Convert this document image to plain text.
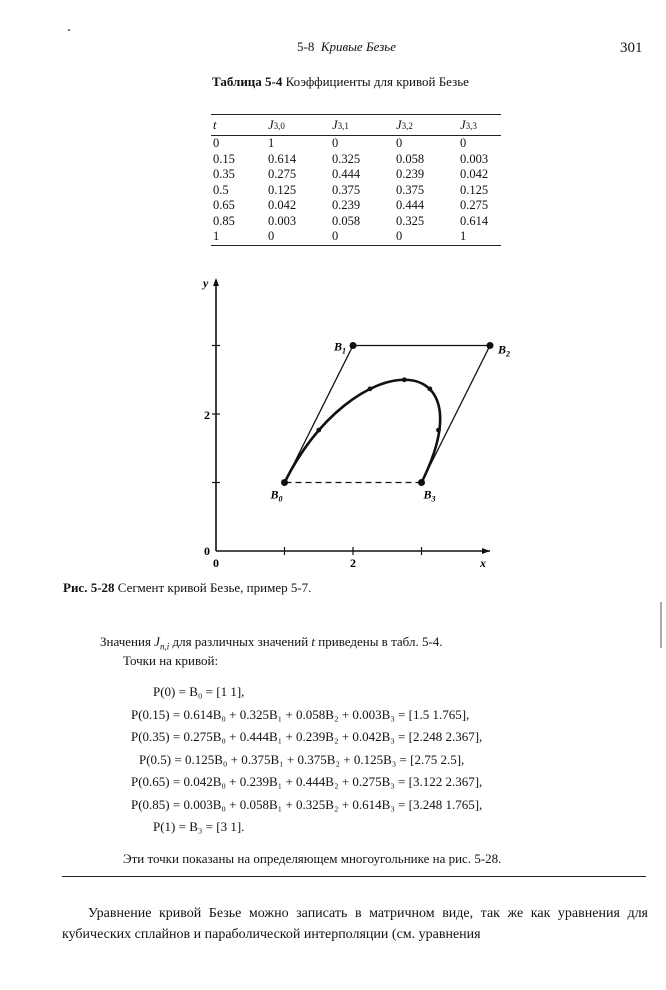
5-8 Кривые Безье	301
Таблица 5-4 Коэффициенты для кривой Безье
t	J3,0	J3,1	J3,2	J3,3
0	1	0	0	0
0.15	0.614	0.325	0.058	0.003
0.35	0.275	0.444	0.239	0.042
0.5	0.125	0.375	0.375	0.125
0.65	0.042	0.239	0.444	0.275
0.85	0.003	0.058	0.325	0.614
1	0	0	0	1
0	2
0
2
x
y
$B_0$
$B_1$	$B_2$
$B_3$
Рис. 5-28 Сегмент кривой Безье, пример 5-7.
Значения $J_{n,i}$ для различных значений t приведены в табл. 5-4.
Точки на кривой:
P(0) = B₀ = [1 1],
P(0.15) = 0.614B₀ + 0.325B₁ + 0.058B₂ + 0.003B₃ = [1.5 1.765],
P(0.35) = 0.275B₀ + 0.444B₁ + 0.239B₂ + 0.042B₃ = [2.248 2.367],
P(0.5) = 0.125B₀ + 0.375B₁ + 0.375B₂ + 0.125B₃ = [2.75 2.5],
P(0.65) = 0.042B₀ + 0.239B₁ + 0.444B₂ + 0.275B₃ = [3.122 2.367],
P(0.85) = 0.003B₀ + 0.058B₁ + 0.325B₂ + 0.614B₃ = [3.248 1.765],
P(1) = B₃ = [3 1].
Эти точки показаны на определяющем многоугольнике на рис. 5-28.
Уравнение кривой Безье можно записать в матричном виде, так же как уравнения для кубических сплайнов и параболической интерполяции (см. уравнения
